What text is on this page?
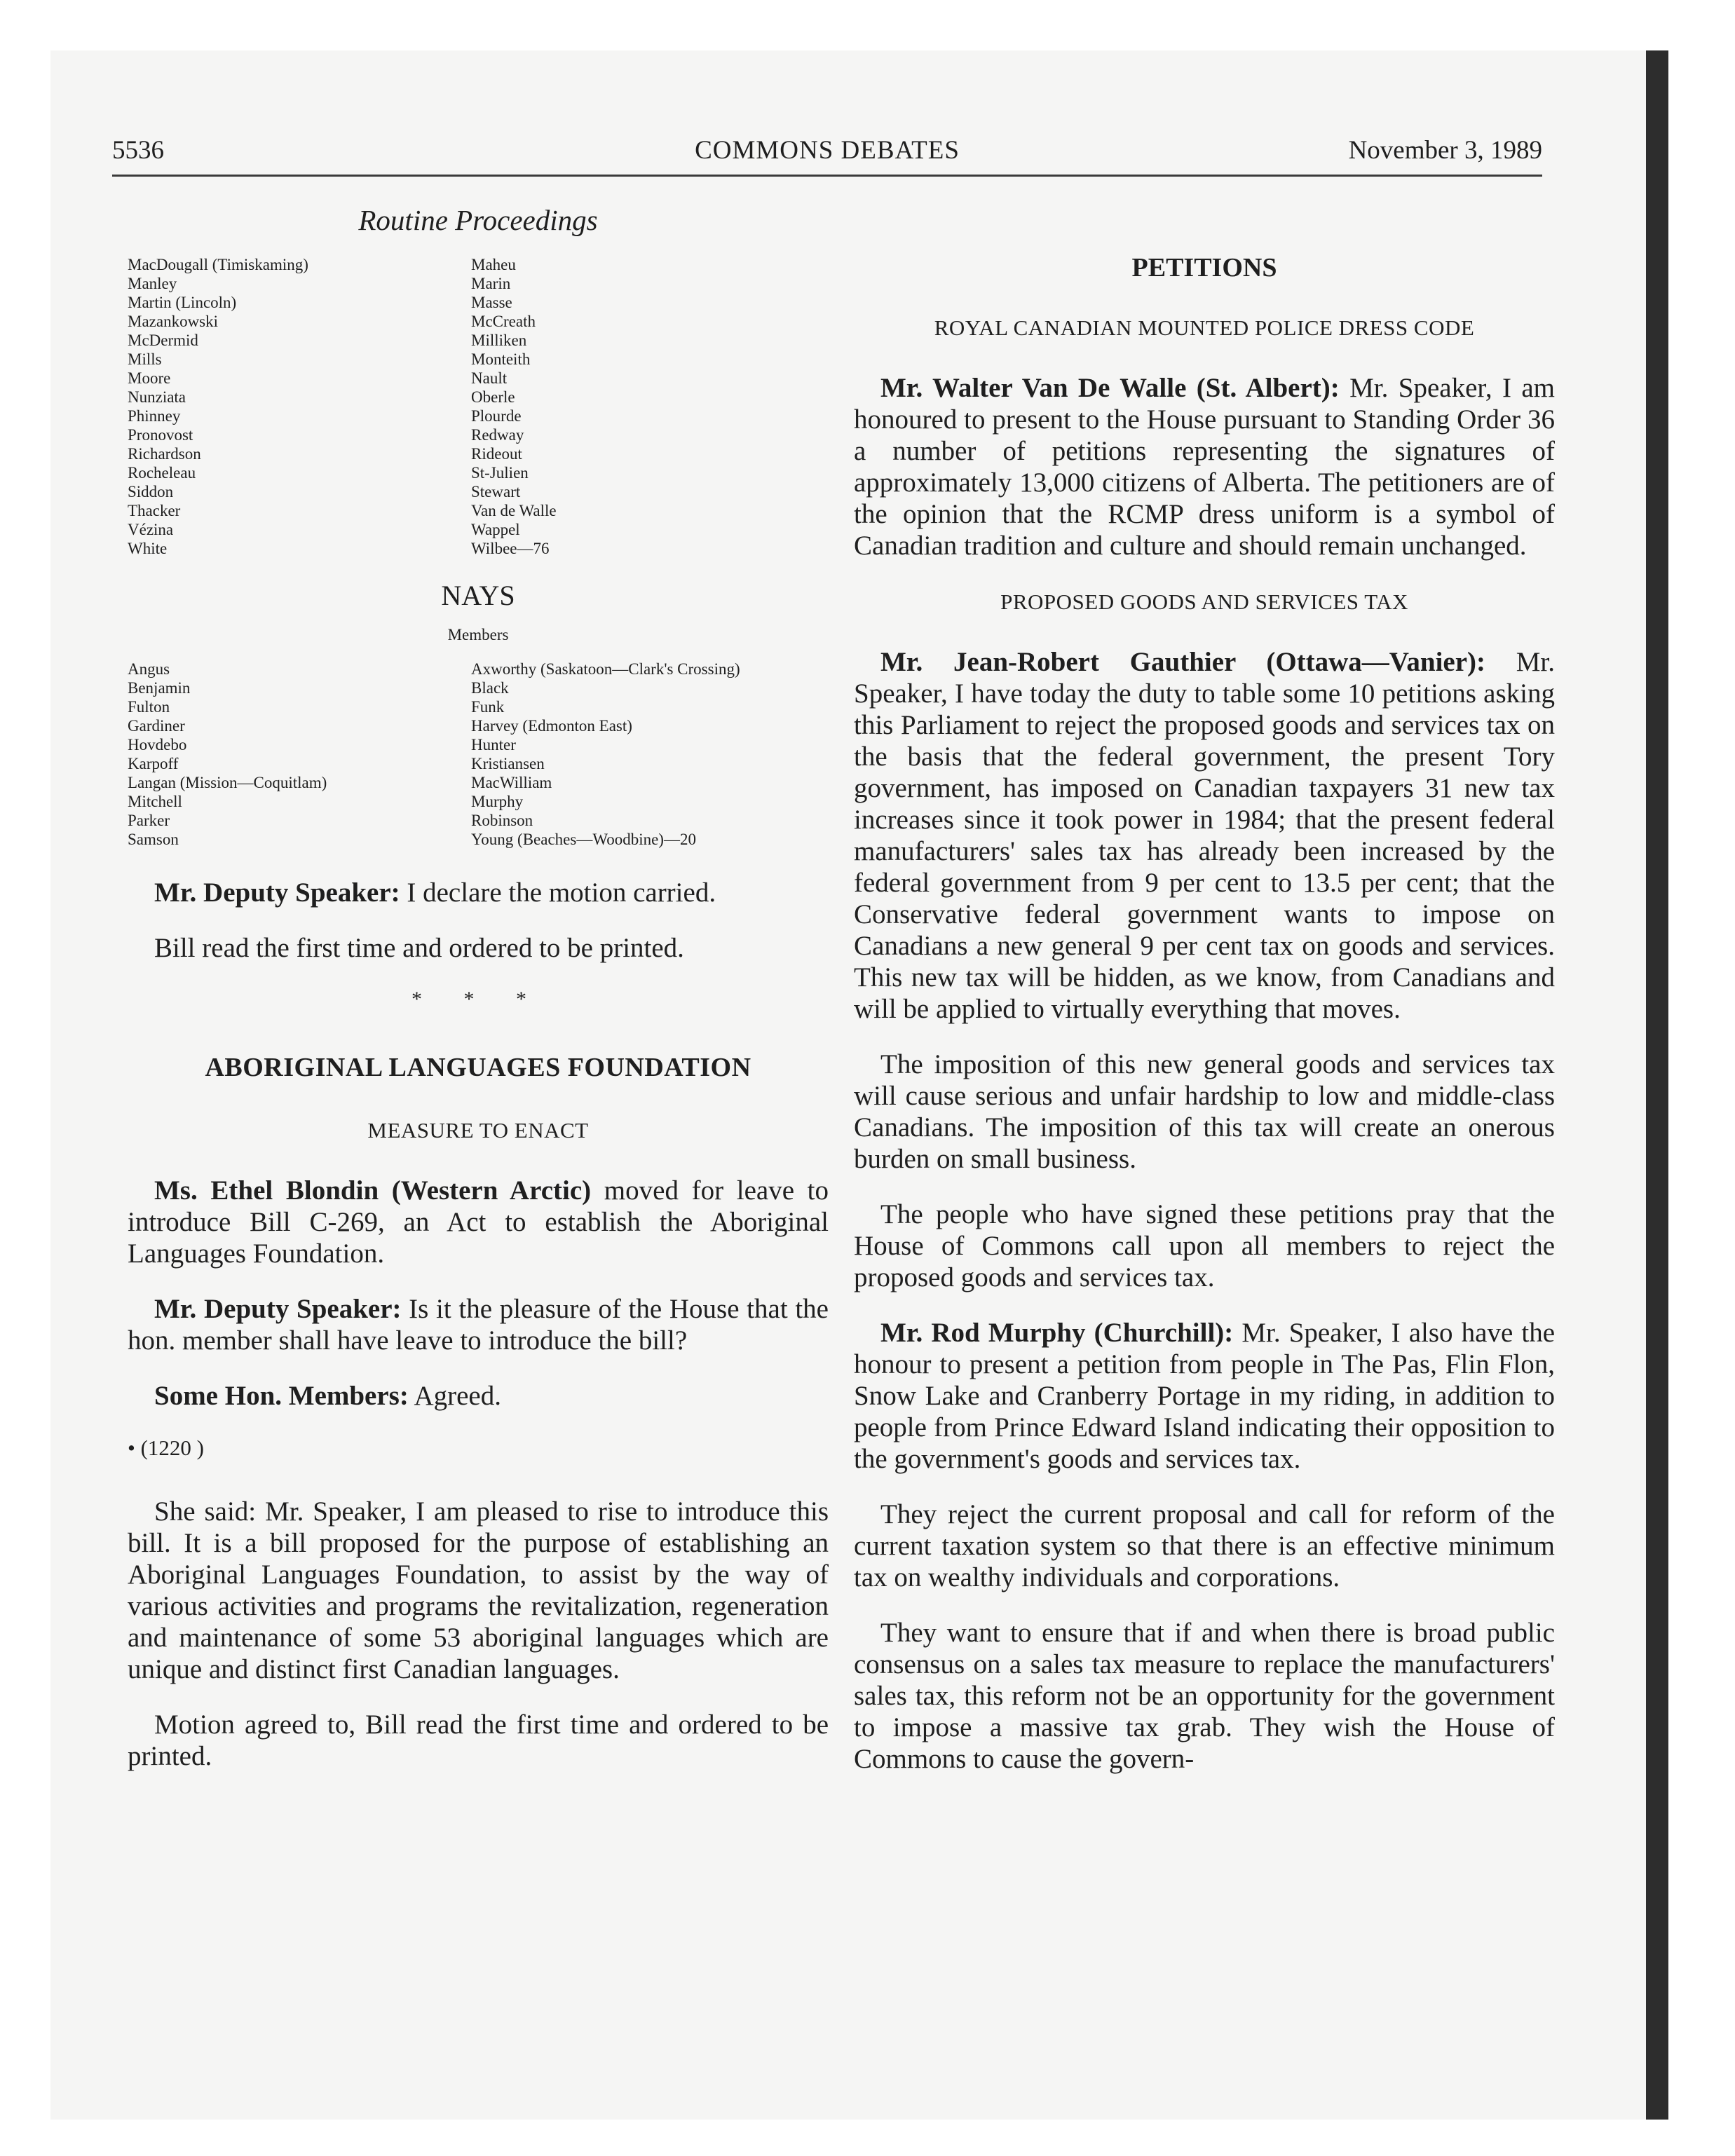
5536	COMMONS DEBATES	November 3, 1989
Routine Proceedings
MacDougall (Timiskaming)
Manley
Martin (Lincoln)
Mazankowski
McDermid
Mills
Moore
Nunziata
Phinney
Pronovost
Richardson
Rocheleau
Siddon
Thacker
Vézina
White
Maheu
Marin
Masse
McCreath
Milliken
Monteith
Nault
Oberle
Plourde
Redway
Rideout
St-Julien
Stewart
Van de Walle
Wappel
Wilbee—76
NAYS
Members
Angus
Benjamin
Fulton
Gardiner
Hovdebo
Karpoff
Langan (Mission—Coquitlam)
Mitchell
Parker
Samson
Axworthy (Saskatoon—Clark's Crossing)
Black
Funk
Harvey (Edmonton East)
Hunter
Kristiansen
MacWilliam
Murphy
Robinson
Young (Beaches—Woodbine)—20

Mr. Deputy Speaker: I declare the motion carried.

Bill read the first time and ordered to be printed.

* * *
ABORIGINAL LANGUAGES FOUNDATION
MEASURE TO ENACT

Ms. Ethel Blondin (Western Arctic) moved for leave to introduce Bill C-269, an Act to establish the Aboriginal Languages Foundation.

Mr. Deputy Speaker: Is it the pleasure of the House that the hon. member shall have leave to introduce the bill?

Some Hon. Members: Agreed.

• (1220 )

She said: Mr. Speaker, I am pleased to rise to introduce this bill. It is a bill proposed for the purpose of establishing an Aboriginal Languages Foundation, to assist by the way of various activities and programs the revitalization, regeneration and maintenance of some 53 aboriginal languages which are unique and distinct first Canadian languages.

Motion agreed to, Bill read the first time and ordered to be printed.

PETITIONS
ROYAL CANADIAN MOUNTED POLICE DRESS CODE

Mr. Walter Van De Walle (St. Albert): Mr. Speaker, I am honoured to present to the House pursuant to Standing Order 36 a number of petitions representing the signatures of approximately 13,000 citizens of Alberta. The petitioners are of the opinion that the RCMP dress uniform is a symbol of Canadian tradition and culture and should remain unchanged.

PROPOSED GOODS AND SERVICES TAX

Mr. Jean-Robert Gauthier (Ottawa—Vanier): Mr. Speaker, I have today the duty to table some 10 petitions asking this Parliament to reject the proposed goods and services tax on the basis that the federal government, the present Tory government, has imposed on Canadian taxpayers 31 new tax increases since it took power in 1984; that the present federal manufacturers' sales tax has already been increased by the federal government from 9 per cent to 13.5 per cent; that the Conservative federal government wants to impose on Canadians a new general 9 per cent tax on goods and services. This new tax will be hidden, as we know, from Canadians and will be applied to virtually everything that moves.

The imposition of this new general goods and services tax will cause serious and unfair hardship to low and middle-class Canadians. The imposition of this tax will create an onerous burden on small business.

The people who have signed these petitions pray that the House of Commons call upon all members to reject the proposed goods and services tax.

Mr. Rod Murphy (Churchill): Mr. Speaker, I also have the honour to present a petition from people in The Pas, Flin Flon, Snow Lake and Cranberry Portage in my riding, in addition to people from Prince Edward Island indicating their opposition to the government's goods and services tax.

They reject the current proposal and call for reform of the current taxation system so that there is an effective minimum tax on wealthy individuals and corporations.

They want to ensure that if and when there is broad public consensus on a sales tax measure to replace the manufacturers' sales tax, this reform not be an opportunity for the government to impose a massive tax grab. They wish the House of Commons to cause the govern-
